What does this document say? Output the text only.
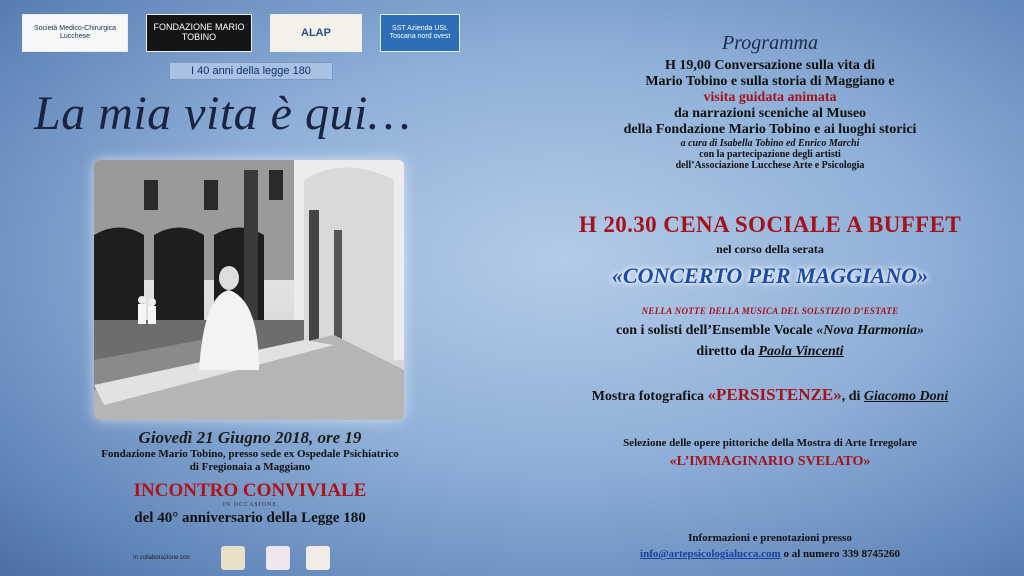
Società Medico-Chirurgica Lucchese
FONDAZIONE MARIO TOBINO	ALAP	SST Azienda USL Toscana nord ovest
I 40 anni della legge 180
La mia vita è qui…
Giovedì 21 Giugno 2018, ore 19
Fondazione Mario Tobino, presso sede ex Ospedale Psichiatrico
di Fregionaia a Maggiano
INCONTRO CONVIVIALE
IN OCCASIONE
del 40° anniversario della Legge 180
In collaborazione con
Programma
H 19,00 Conversazione sulla vita di
Mario Tobino e sulla storia di Maggiano e
visita guidata animata
da narrazioni sceniche al Museo
della Fondazione Mario Tobino e ai luoghi storici
a cura di Isabella Tobino ed Enrico Marchi
con la partecipazione degli artisti
dell’Associazione Lucchese Arte e Psicologia
H 20.30 CENA SOCIALE A BUFFET
nel corso della serata
«CONCERTO PER MAGGIANO»
NELLA NOTTE DELLA MUSICA DEL SOLSTIZIO D’ESTATE
con i solisti dell’Ensemble Vocale «Nova Harmonia»
diretto da Paola Vincenti
Mostra fotografica «PERSISTENZE», di Giacomo Doni
Selezione delle opere pittoriche della Mostra di Arte Irregolare
«L’IMMAGINARIO SVELATO»
Informazioni e prenotazioni presso
info@artepsicologialucca.com o al numero 339 8745260
